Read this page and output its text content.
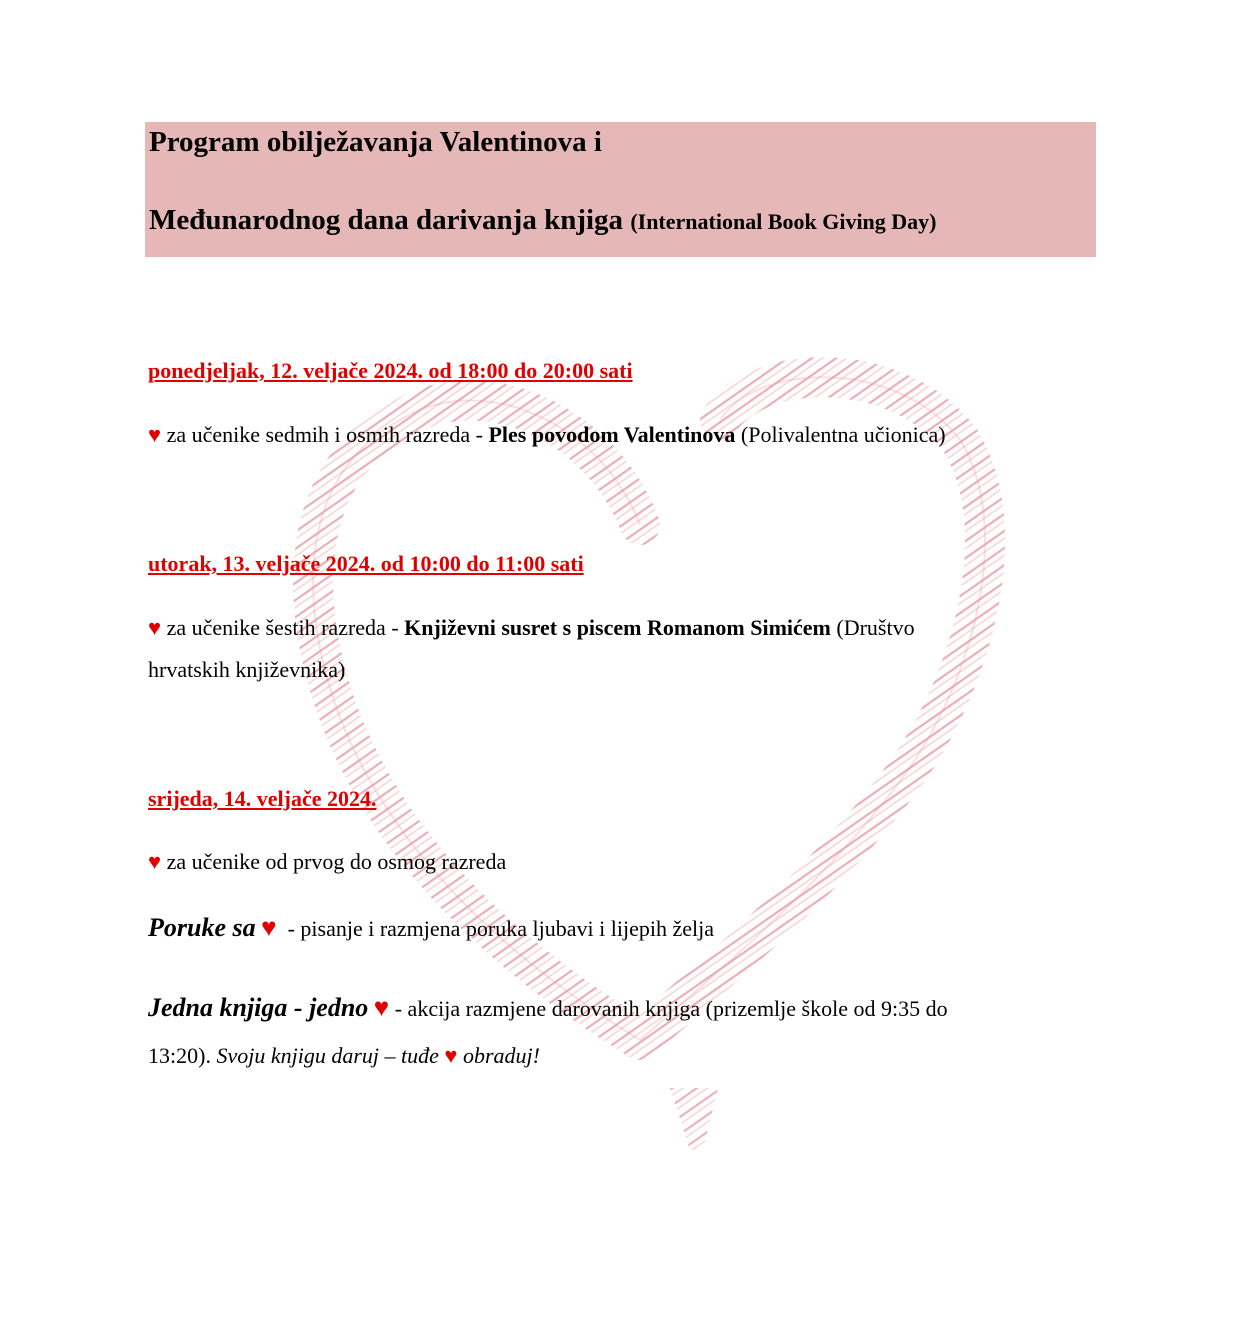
Program obilježavanja Valentinova i
Međunarodnog dana darivanja knjiga (International Book Giving Day)
ponedjeljak, 12. veljače 2024. od 18:00 do 20:00 sati
♥ za učenike sedmih i osmih razreda - Ples povodom Valentinova (Polivalentna učionica)
utorak, 13. veljače 2024. od 10:00 do 11:00 sati
♥ za učenike šestih razreda - Književni susret s piscem Romanom Simićem (Društvo
hrvatskih književnika)
srijeda, 14. veljače 2024.
♥ za učenike od prvog do osmog razreda
Poruke sa ♥ - pisanje i razmjena poruka ljubavi i lijepih želja
Jedna knjiga - jedno ♥ - akcija razmjene darovanih knjiga (prizemlje škole od 9:35 do
13:20). Svoju knjigu daruj – tuđe ♥ obraduj!
